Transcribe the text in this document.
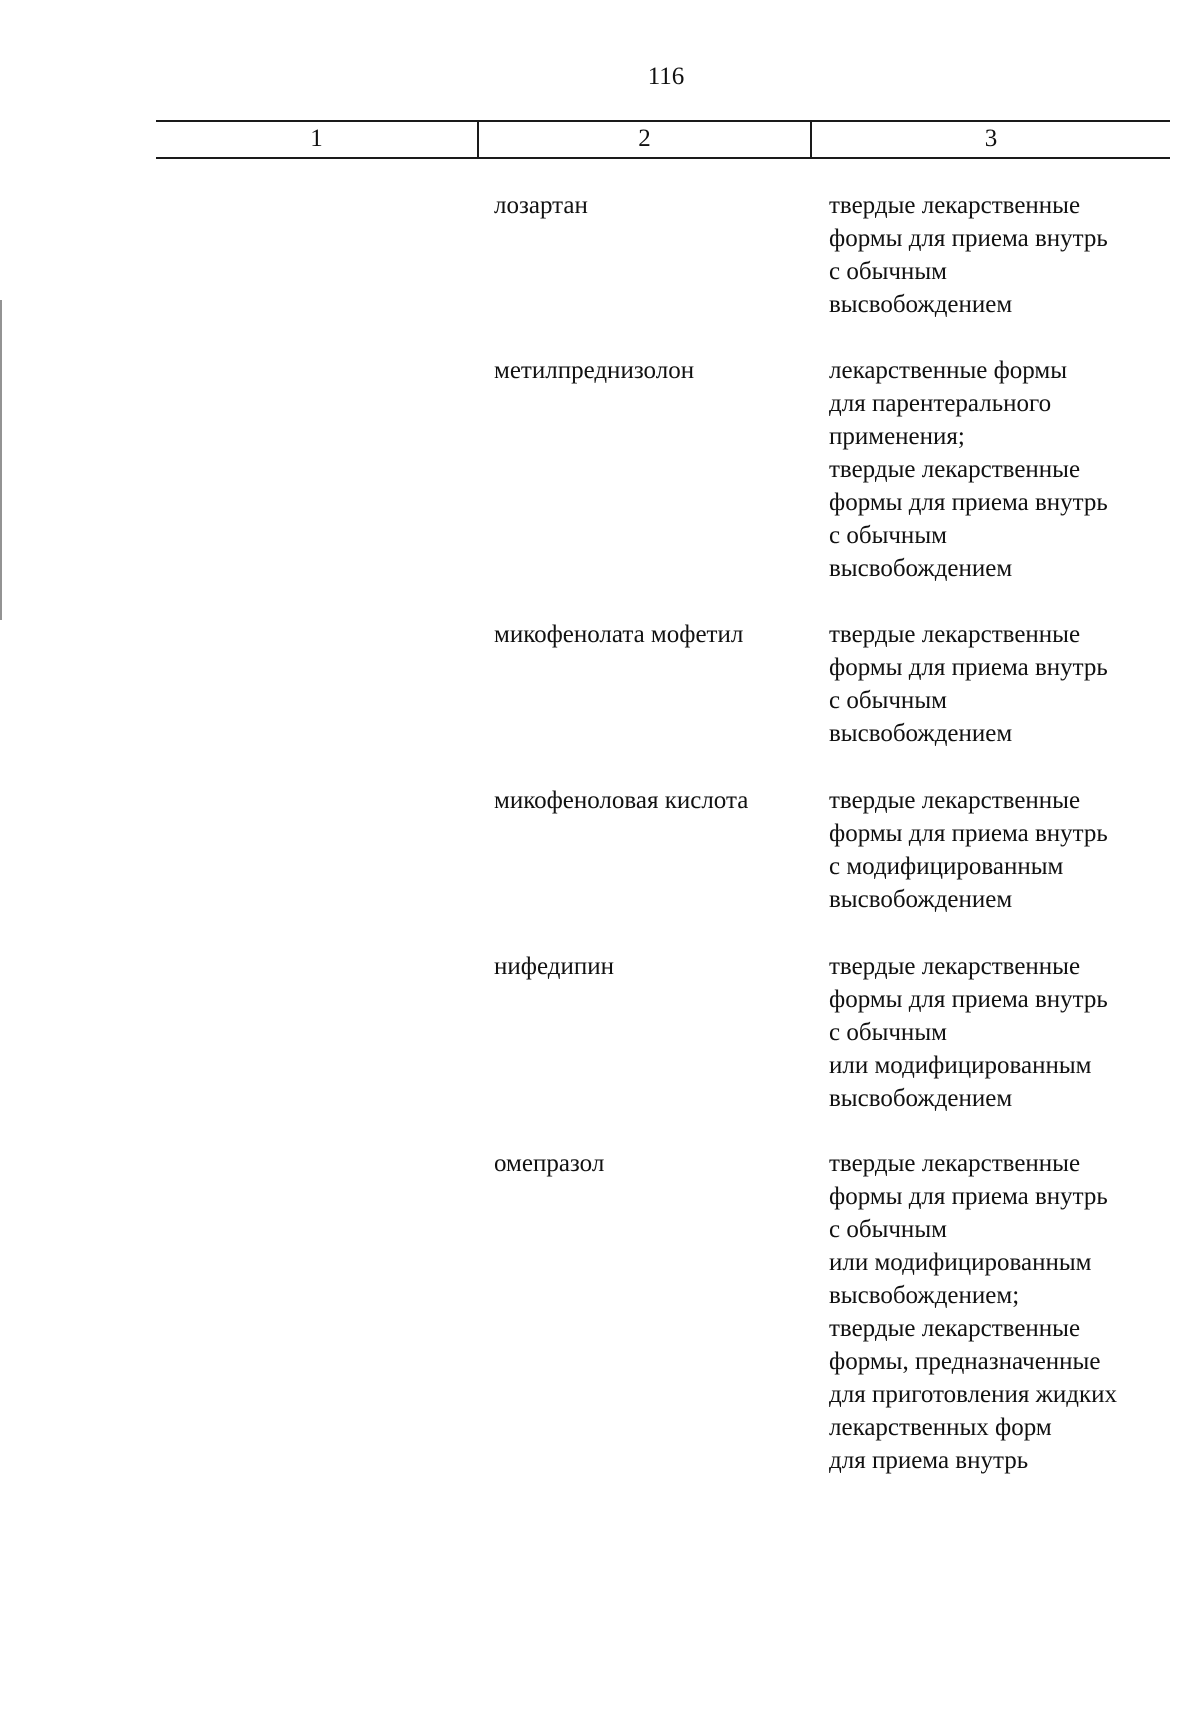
116
1	2	3
лозартан	твердые лекарственные
формы для приема внутрь
с обычным
высвобождением
метилпреднизолон	лекарственные формы
для парентерального
применения;
твердые лекарственные
формы для приема внутрь
с обычным
высвобождением
микофенолата мофетил	твердые лекарственные
формы для приема внутрь
с обычным
высвобождением
микофеноловая кислота	твердые лекарственные
формы для приема внутрь
с модифицированным
высвобождением
нифедипин	твердые лекарственные
формы для приема внутрь
с обычным
или модифицированным
высвобождением
омепразол	твердые лекарственные
формы для приема внутрь
с обычным
или модифицированным
высвобождением;
твердые лекарственные
формы, предназначенные
для приготовления жидких
лекарственных форм
для приема внутрь
